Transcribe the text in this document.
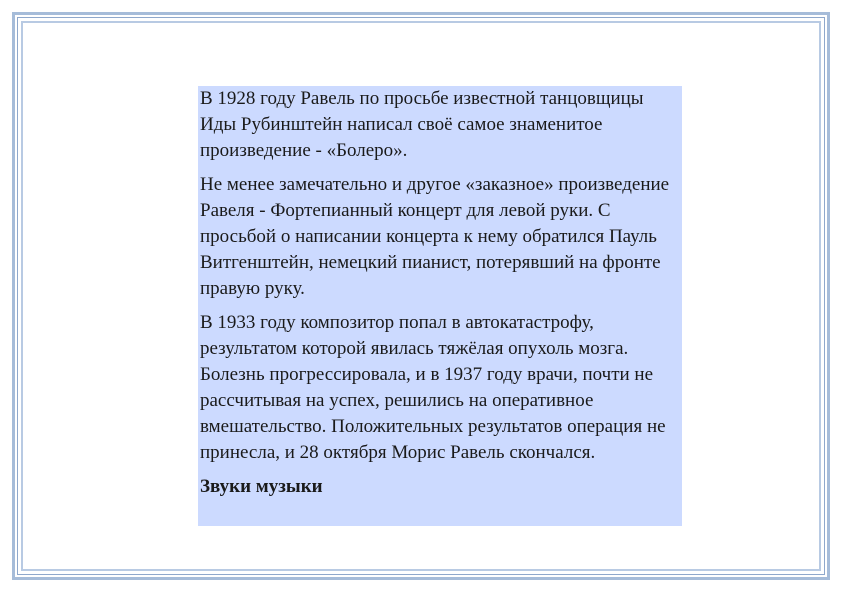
В 1928 году Равель по просьбе известной танцовщицы Иды Рубинштейн написал своё самое знаменитое произведение - «Болеро».

Не менее замечательно и другое «заказное» произведение Равеля - Фортепианный концерт для левой руки. С просьбой о написании концерта к нему обратился Пауль Витгенштейн, немецкий пианист, потерявший на фронте правую руку.

В 1933 году композитор попал в автокатастрофу, результатом которой явилась тяжёлая опухоль мозга. Болезнь прогрессировала, и в 1937 году врачи, почти не рассчитывая на успех, решились на оперативное вмешательство. Положительных результатов операция не принесла, и 28 октября Морис Равель скончался.

Звуки музыки
